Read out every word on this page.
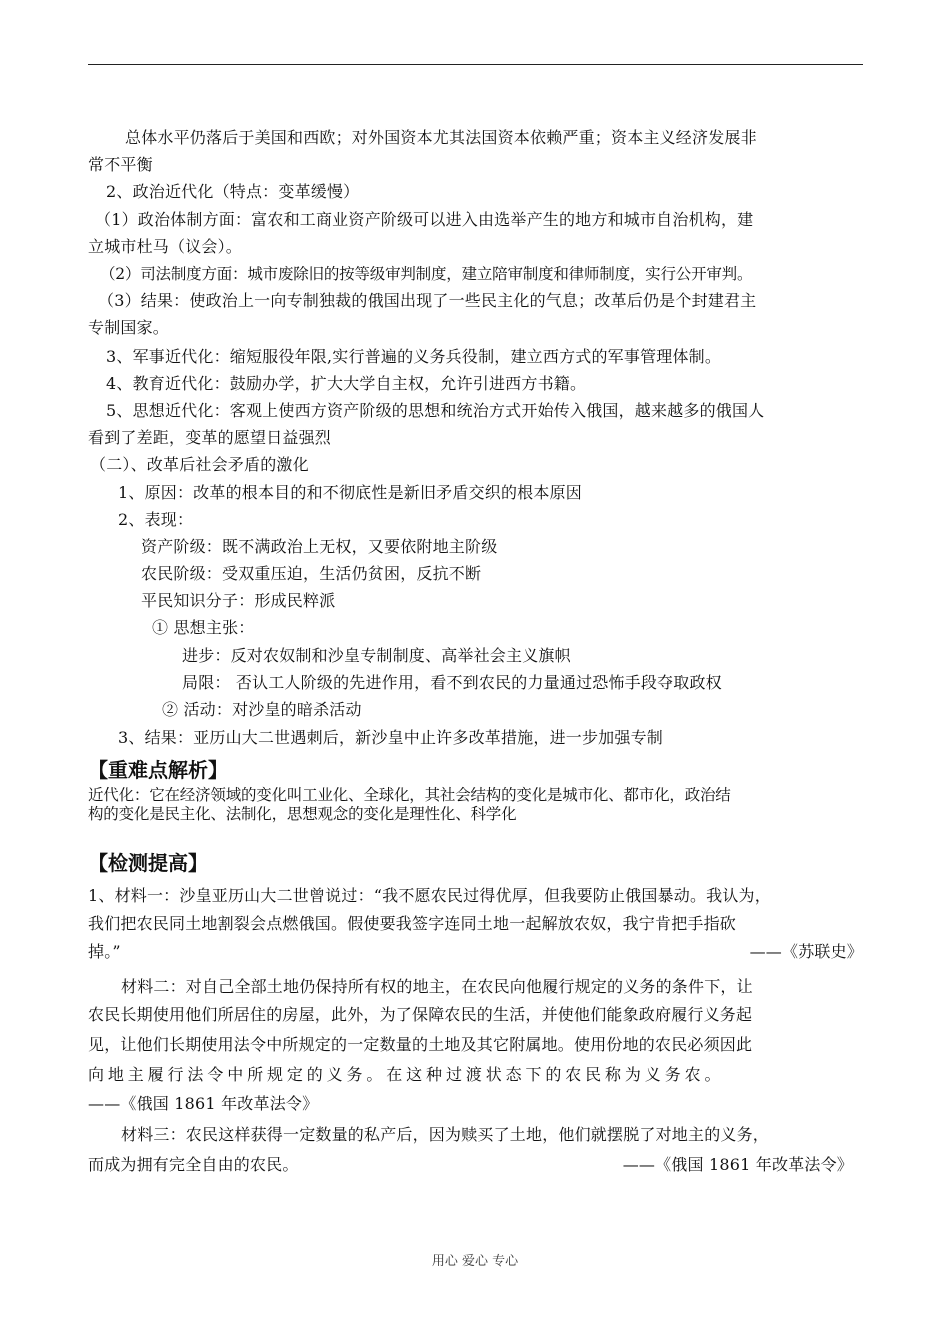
总体水平仍落后于美国和西欧；对外国资本尤其法国资本依赖严重；资本主义经济发展非
常不平衡
2、政治近代化（特点：变革缓慢）
（1）政治体制方面：富农和工商业资产阶级可以进入由选举产生的地方和城市自治机构，建
立城市杜马（议会）。
（2）司法制度方面：城市废除旧的按等级审判制度，建立陪审制度和律师制度，实行公开审判。
（3）结果：使政治上一向专制独裁的俄国出现了一些民主化的气息；改革后仍是个封建君主
专制国家。
3、军事近代化：缩短服役年限,实行普遍的义务兵役制，建立西方式的军事管理体制。
4、教育近代化：鼓励办学，扩大大学自主权，允许引进西方书籍。
5、思想近代化：客观上使西方资产阶级的思想和统治方式开始传入俄国，越来越多的俄国人
看到了差距，变革的愿望日益强烈
（二）、改革后社会矛盾的激化
1、原因：改革的根本目的和不彻底性是新旧矛盾交织的根本原因
2、表现：
资产阶级：既不满政治上无权，又要依附地主阶级
农民阶级：受双重压迫，生活仍贫困，反抗不断
平民知识分子：形成民粹派
① 思想主张：
进步：反对农奴制和沙皇专制制度、高举社会主义旗帜
局限： 否认工人阶级的先进作用，看不到农民的力量通过恐怖手段夺取政权
② 活动：对沙皇的暗杀活动
3、结果：亚历山大二世遇刺后，新沙皇中止许多改革措施，进一步加强专制
【重难点解析】
近代化：它在经济领域的变化叫工业化、全球化，其社会结构的变化是城市化、都市化，政治结
构的变化是民主化、法制化，思想观念的变化是理性化、科学化
【检测提高】
1、材料一：沙皇亚历山大二世曾说过：“我不愿农民过得优厚，但我要防止俄国暴动。我认为，
我们把农民同土地割裂会点燃俄国。假使要我签字连同土地一起解放农奴，我宁肯把手指砍
掉。”	——《苏联史》
材料二：对自己全部土地仍保持所有权的地主，在农民向他履行规定的义务的条件下，让
农民长期使用他们所居住的房屋，此外，为了保障农民的生活，并使他们能象政府履行义务起
见，让他们长期使用法令中所规定的一定数量的土地及其它附属地。使用份地的农民必须因此
向 地 主 履 行 法 令 中 所 规 定 的 义 务 。 在 这 种 过 渡 状 态 下 的 农 民 称 为 义 务 农 。
——《俄国 1861 年改革法令》
材料三：农民这样获得一定数量的私产后，因为赎买了土地，他们就摆脱了对地主的义务，
而成为拥有完全自由的农民。	——《俄国 1861 年改革法令》
用心 爱心 专心
